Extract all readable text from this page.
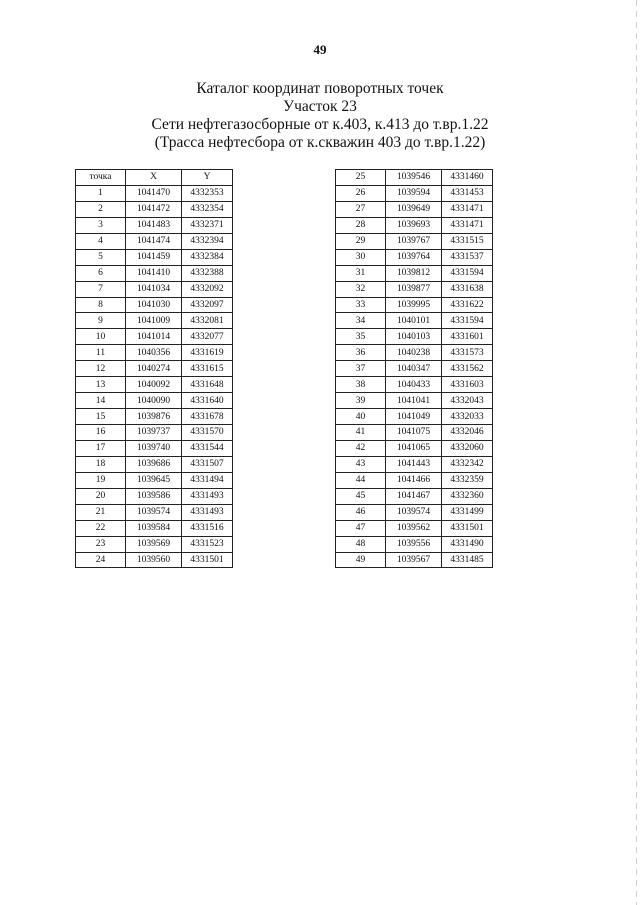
49
Каталог координат поворотных точек
Участок 23
Сети нефтегазосборные от к.403, к.413 до т.вр.1.22
(Трасса нефтесбора от к.скважин 403 до т.вр.1.22)
точка	X	Y
1	1041470	4332353
2	1041472	4332354
3	1041483	4332371
4	1041474	4332394
5	1041459	4332384
6	1041410	4332388
7	1041034	4332092
8	1041030	4332097
9	1041009	4332081
10	1041014	4332077
11	1040356	4331619
12	1040274	4331615
13	1040092	4331648
14	1040090	4331640
15	1039876	4331678
16	1039737	4331570
17	1039740	4331544
18	1039686	4331507
19	1039645	4331494
20	1039586	4331493
21	1039574	4331493
22	1039584	4331516
23	1039569	4331523
24	1039560	4331501
25	1039546	4331460
26	1039594	4331453
27	1039649	4331471
28	1039693	4331471
29	1039767	4331515
30	1039764	4331537
31	1039812	4331594
32	1039877	4331638
33	1039995	4331622
34	1040101	4331594
35	1040103	4331601
36	1040238	4331573
37	1040347	4331562
38	1040433	4331603
39	1041041	4332043
40	1041049	4332033
41	1041075	4332046
42	1041065	4332060
43	1041443	4332342
44	1041466	4332359
45	1041467	4332360
46	1039574	4331499
47	1039562	4331501
48	1039556	4331490
49	1039567	4331485
